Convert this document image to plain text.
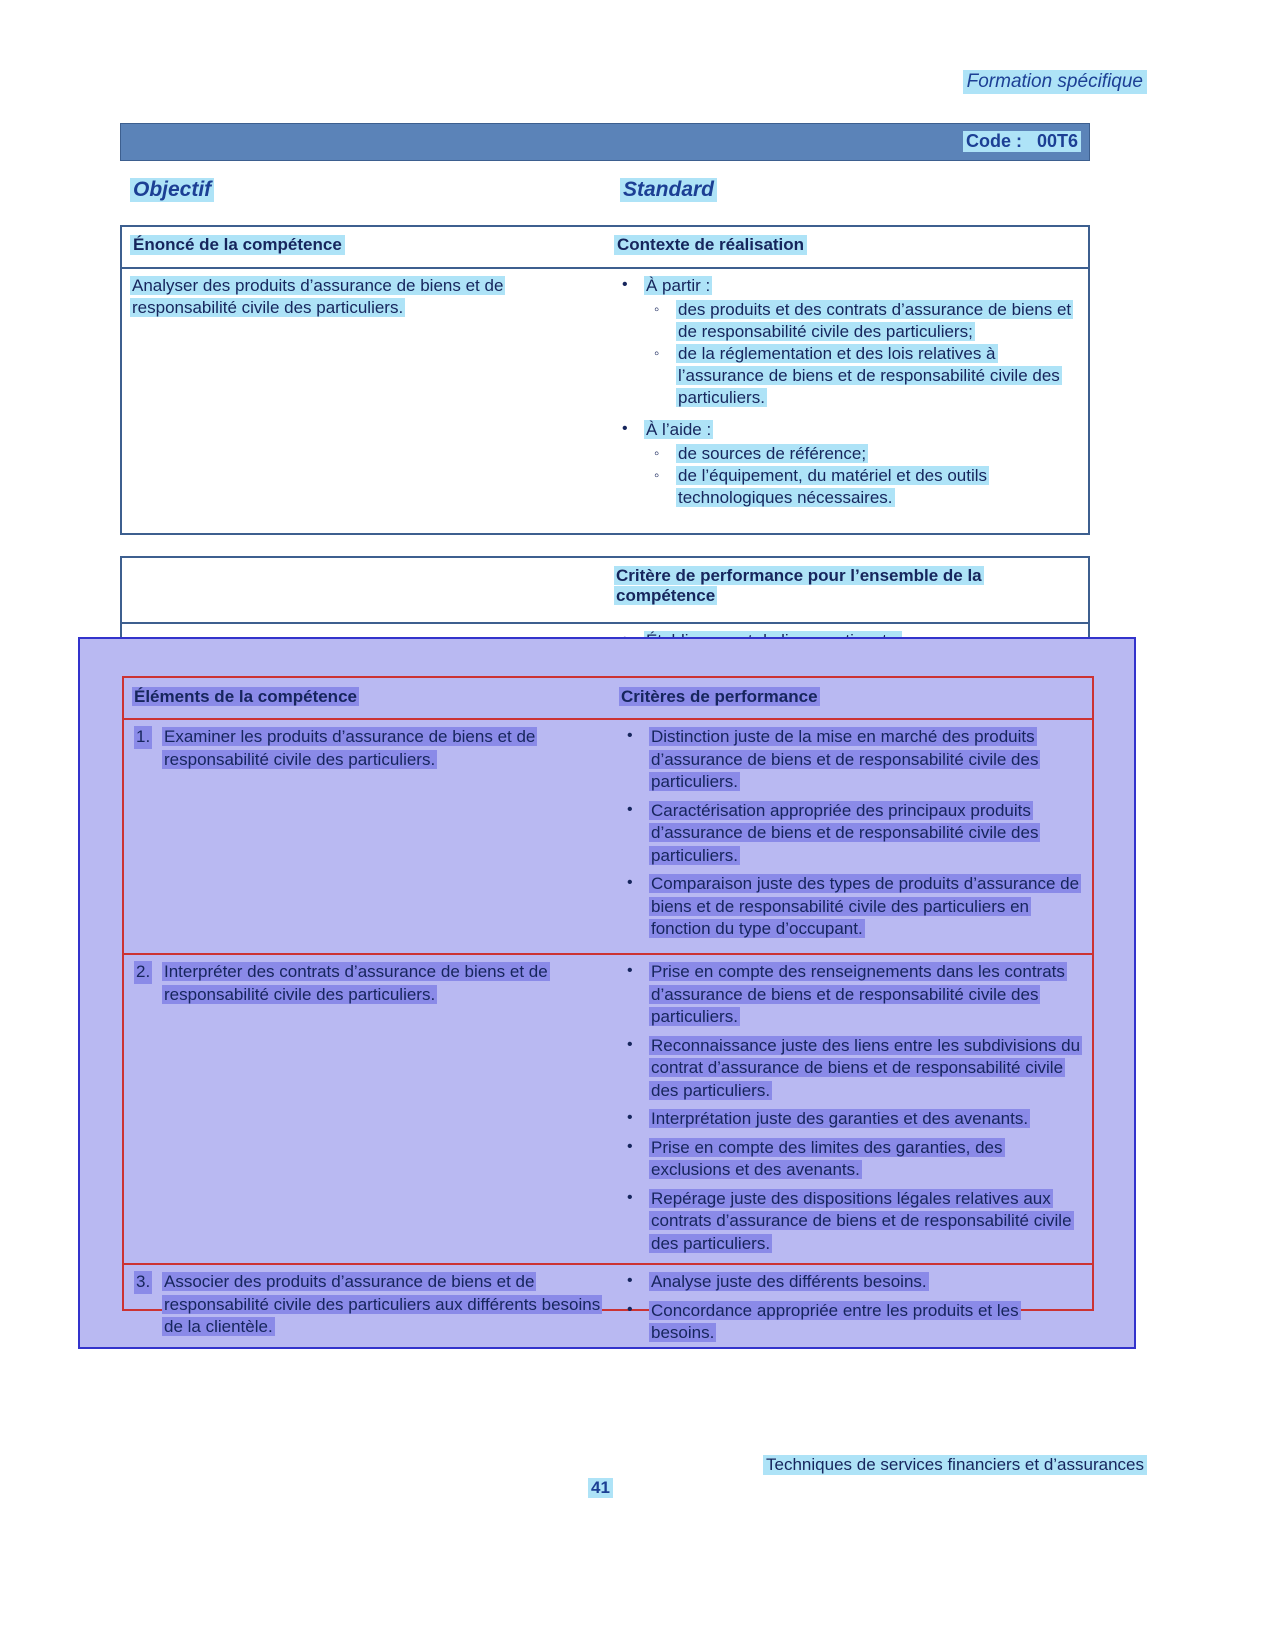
Formation spécifique
Code :   00T6
Objectif	Standard
Énoncé de la compétence	Contexte de réalisation
Analyser des produits d’assurance de biens et de responsabilité civile des particuliers.
• À partir :
◦ des produits et des contrats d’assurance de biens et de responsabilité civile des particuliers;
◦ de la réglementation et des lois relatives à l’assurance de biens et de responsabilité civile des particuliers.
• À l’aide :
◦ de sources de référence;
◦ de l’équipement, du matériel et des outils technologiques nécessaires.
Critère de performance pour l’ensemble de la compétence
•
Éléments de la compétence	Critères de performance
1. Examiner les produits d’assurance de biens et de responsabilité civile des particuliers.
• Distinction juste de la mise en marché des produits d’assurance de biens et de responsabilité civile des particuliers.
• Caractérisation appropriée des principaux produits d’assurance de biens et de responsabilité civile des particuliers.
• Comparaison juste des types de produits d’assurance de biens et de responsabilité civile des particuliers en fonction du type d’occupant.
2. Interpréter des contrats d’assurance de biens et de responsabilité civile des particuliers.
• Prise en compte des renseignements dans les contrats d’assurance de biens et de responsabilité civile des particuliers.
• Reconnaissance juste des liens entre les subdivisions du contrat d’assurance de biens et de responsabilité civile des particuliers.
• Interprétation juste des garanties et des avenants.
• Prise en compte des limites des garanties, des exclusions et des avenants.
• Repérage juste des dispositions légales relatives aux contrats d’assurance de biens et de responsabilité civile des particuliers.
3. Associer des produits d’assurance de biens et de responsabilité civile des particuliers aux différents besoins de la clientèle.
• Analyse juste des différents besoins.
• Concordance appropriée entre les produits et les besoins.
Techniques de services financiers et d’assurances
41
